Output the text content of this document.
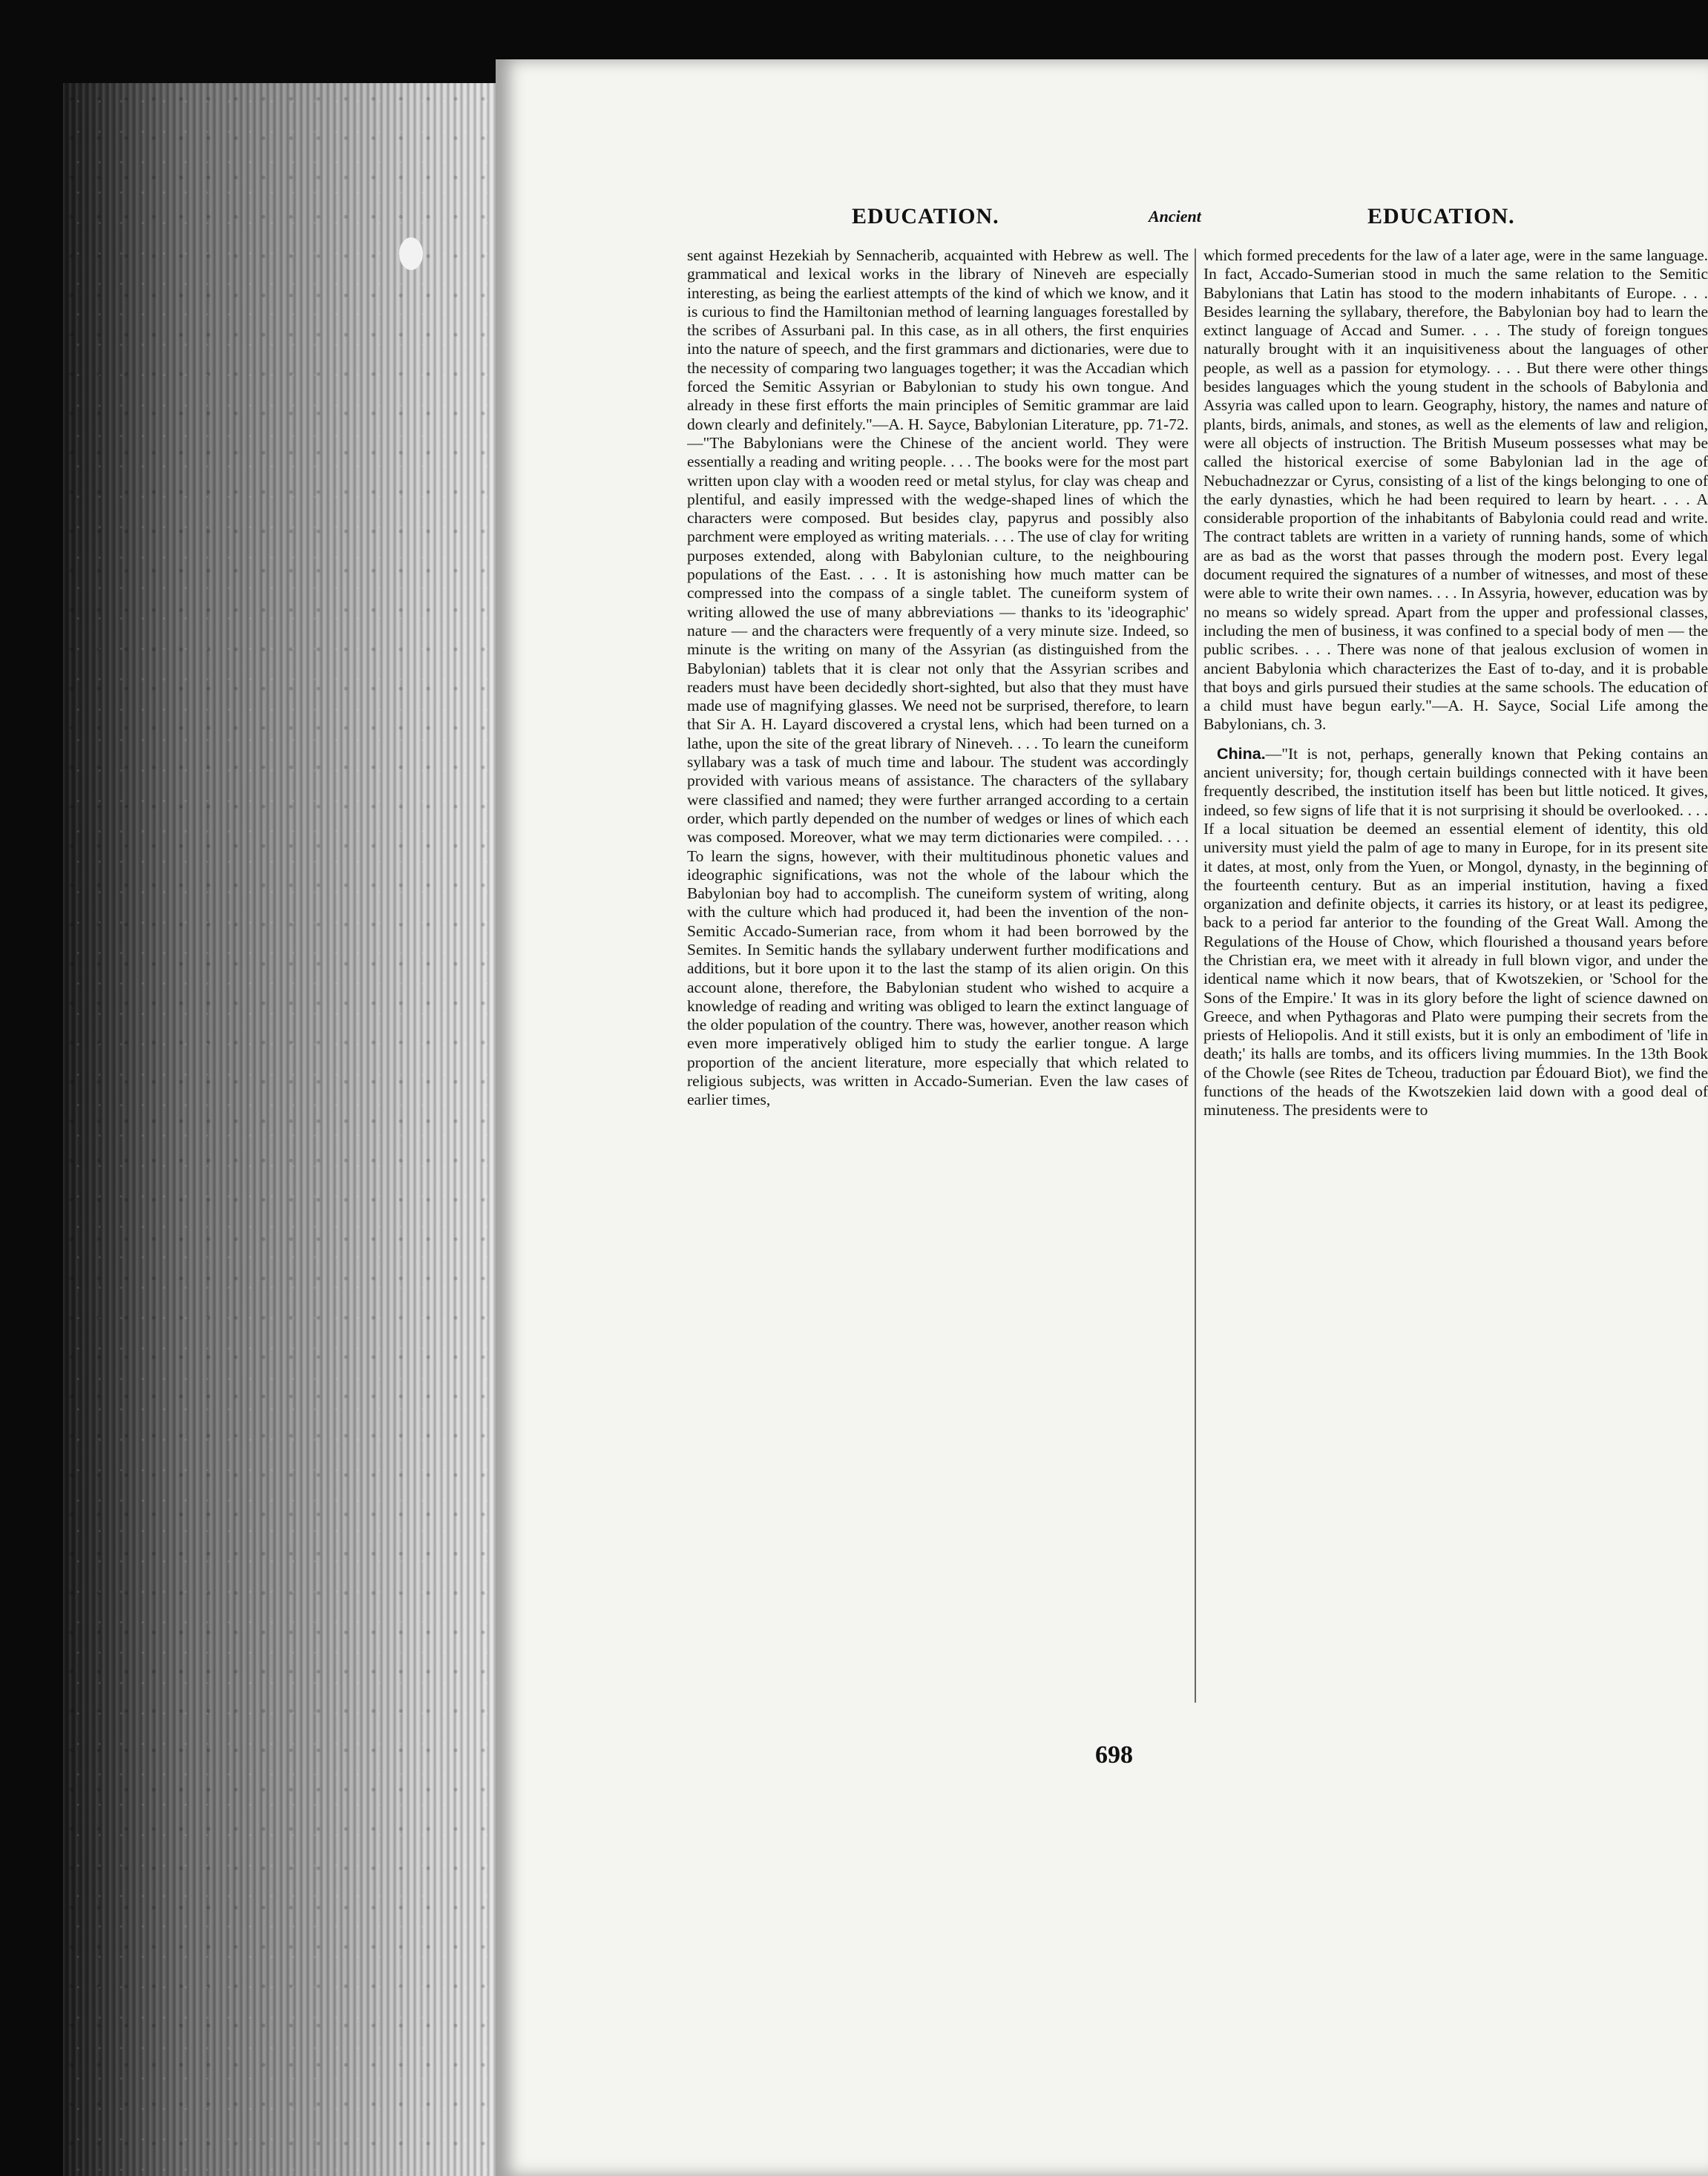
EDUCATION.	Ancient	EDUCATION.

sent against Hezekiah by Sennacherib, acquainted with Hebrew as well. The grammatical and lexical works in the library of Nineveh are especially interesting, as being the earliest attempts of the kind of which we know, and it is curious to find the Hamiltonian method of learning languages forestalled by the scribes of Assurbani pal. In this case, as in all others, the first enquiries into the nature of speech, and the first grammars and dictionaries, were due to the necessity of comparing two languages together; it was the Accadian which forced the Semitic Assyrian or Babylonian to study his own tongue. And already in these first efforts the main principles of Semitic grammar are laid down clearly and definitely."—A. H. Sayce, Babylonian Literature, pp. 71-72.—"The Babylonians were the Chinese of the ancient world. They were essentially a reading and writing people. . . . The books were for the most part written upon clay with a wooden reed or metal stylus, for clay was cheap and plentiful, and easily impressed with the wedge-shaped lines of which the characters were composed. But besides clay, papyrus and possibly also parchment were employed as writing materials. . . . The use of clay for writing purposes extended, along with Babylonian culture, to the neighbouring populations of the East. . . . It is astonishing how much matter can be compressed into the compass of a single tablet. The cuneiform system of writing allowed the use of many abbreviations — thanks to its 'ideographic' nature — and the characters were frequently of a very minute size. Indeed, so minute is the writing on many of the Assyrian (as distinguished from the Babylonian) tablets that it is clear not only that the Assyrian scribes and readers must have been decidedly short-sighted, but also that they must have made use of magnifying glasses. We need not be surprised, therefore, to learn that Sir A. H. Layard discovered a crystal lens, which had been turned on a lathe, upon the site of the great library of Nineveh. . . . To learn the cuneiform syllabary was a task of much time and labour. The student was accordingly provided with various means of assistance. The characters of the syllabary were classified and named; they were further arranged according to a certain order, which partly depended on the number of wedges or lines of which each was composed. Moreover, what we may term dictionaries were compiled. . . . To learn the signs, however, with their multitudinous phonetic values and ideographic significations, was not the whole of the labour which the Babylonian boy had to accomplish. The cuneiform system of writing, along with the culture which had produced it, had been the invention of the non-Semitic Accado-Sumerian race, from whom it had been borrowed by the Semites. In Semitic hands the syllabary underwent further modifications and additions, but it bore upon it to the last the stamp of its alien origin. On this account alone, therefore, the Babylonian student who wished to acquire a knowledge of reading and writing was obliged to learn the extinct language of the older population of the country. There was, however, another reason which even more imperatively obliged him to study the earlier tongue. A large proportion of the ancient literature, more especially that which related to religious subjects, was written in Accado-Sumerian. Even the law cases of earlier times,

which formed precedents for the law of a later age, were in the same language. In fact, Accado-Sumerian stood in much the same relation to the Semitic Babylonians that Latin has stood to the modern inhabitants of Europe. . . . Besides learning the syllabary, therefore, the Babylonian boy had to learn the extinct language of Accad and Sumer. . . . The study of foreign tongues naturally brought with it an inquisitiveness about the languages of other people, as well as a passion for etymology. . . . But there were other things besides languages which the young student in the schools of Babylonia and Assyria was called upon to learn. Geography, history, the names and nature of plants, birds, animals, and stones, as well as the elements of law and religion, were all objects of instruction. The British Museum possesses what may be called the historical exercise of some Babylonian lad in the age of Nebuchadnezzar or Cyrus, consisting of a list of the kings belonging to one of the early dynasties, which he had been required to learn by heart. . . . A considerable proportion of the inhabitants of Babylonia could read and write. The contract tablets are written in a variety of running hands, some of which are as bad as the worst that passes through the modern post. Every legal document required the signatures of a number of witnesses, and most of these were able to write their own names. . . . In Assyria, however, education was by no means so widely spread. Apart from the upper and professional classes, including the men of business, it was confined to a special body of men — the public scribes. . . . There was none of that jealous exclusion of women in ancient Babylonia which characterizes the East of to-day, and it is probable that boys and girls pursued their studies at the same schools. The education of a child must have begun early."—A. H. Sayce, Social Life among the Babylonians, ch. 3.

China.—"It is not, perhaps, generally known that Peking contains an ancient university; for, though certain buildings connected with it have been frequently described, the institution itself has been but little noticed. It gives, indeed, so few signs of life that it is not surprising it should be overlooked. . . . If a local situation be deemed an essential element of identity, this old university must yield the palm of age to many in Europe, for in its present site it dates, at most, only from the Yuen, or Mongol, dynasty, in the beginning of the fourteenth century. But as an imperial institution, having a fixed organization and definite objects, it carries its history, or at least its pedigree, back to a period far anterior to the founding of the Great Wall. Among the Regulations of the House of Chow, which flourished a thousand years before the Christian era, we meet with it already in full blown vigor, and under the identical name which it now bears, that of Kwotszekien, or 'School for the Sons of the Empire.' It was in its glory before the light of science dawned on Greece, and when Pythagoras and Plato were pumping their secrets from the priests of Heliopolis. And it still exists, but it is only an embodiment of 'life in death;' its halls are tombs, and its officers living mummies. In the 13th Book of the Chowle (see Rites de Tcheou, traduction par Édouard Biot), we find the functions of the heads of the Kwotszekien laid down with a good deal of minuteness. The presidents were to

698
